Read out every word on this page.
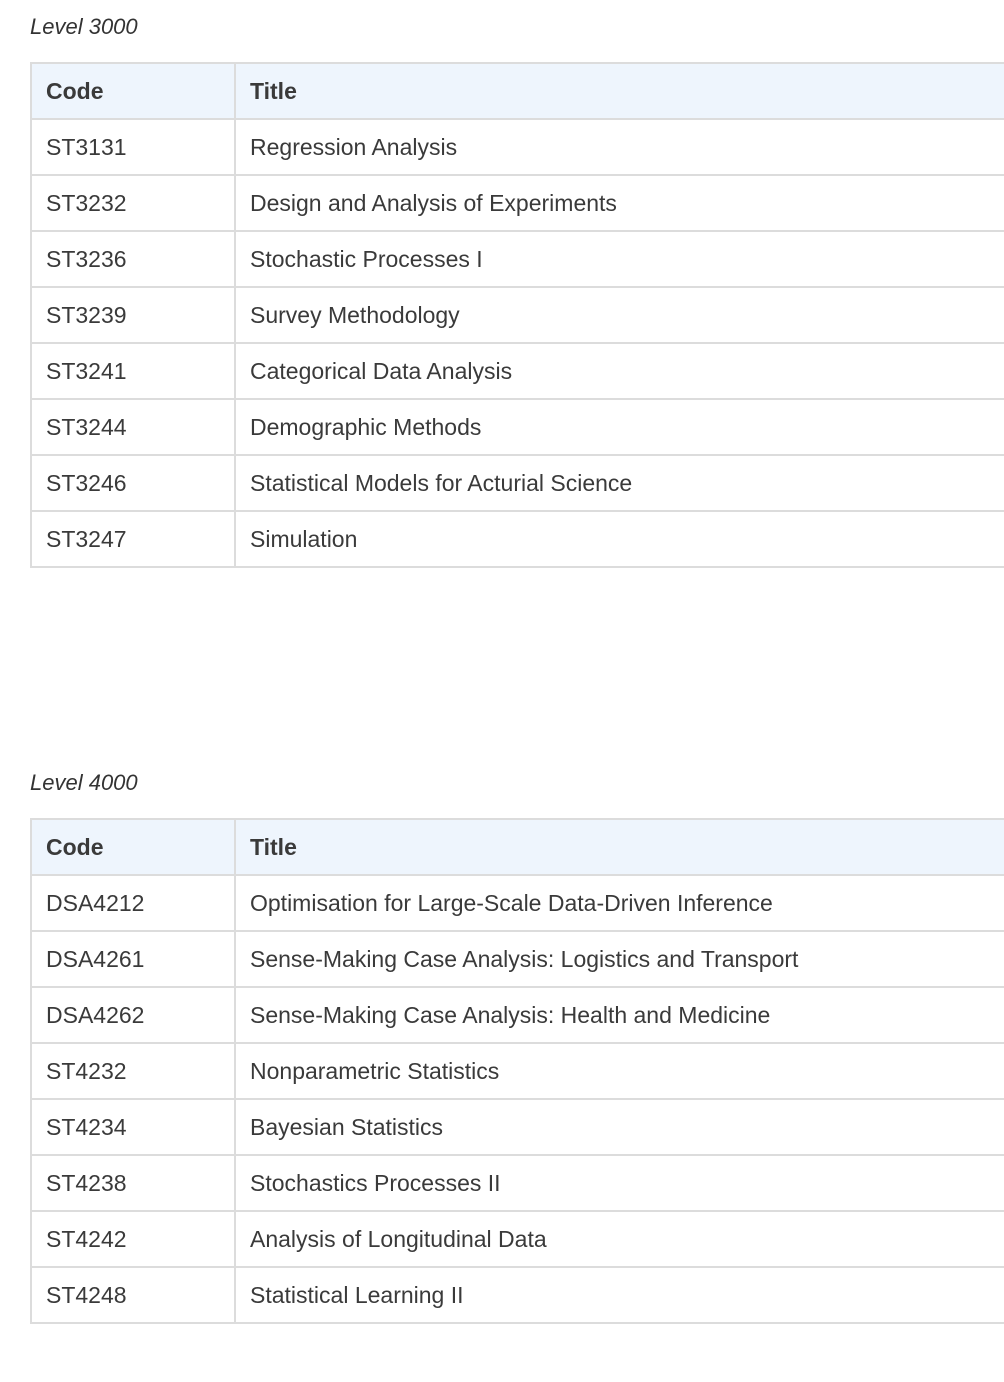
Level 3000

Code	Title
ST3131	Regression Analysis
ST3232	Design and Analysis of Experiments
ST3236	Stochastic Processes I
ST3239	Survey Methodology
ST3241	Categorical Data Analysis
ST3244	Demographic Methods
ST3246	Statistical Models for Acturial Science
ST3247	Simulation

Level 4000

Code	Title
DSA4212	Optimisation for Large-Scale Data-Driven Inference
DSA4261	Sense-Making Case Analysis: Logistics and Transport
DSA4262	Sense-Making Case Analysis: Health and Medicine
ST4232	Nonparametric Statistics
ST4234	Bayesian Statistics
ST4238	Stochastics Processes II
ST4242	Analysis of Longitudinal Data
ST4248	Statistical Learning II
